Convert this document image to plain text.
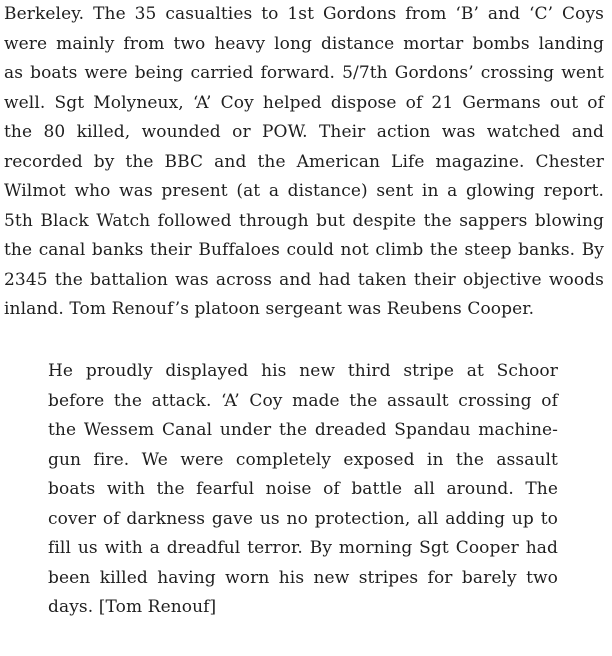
Berkeley. The 35 casualties to 1st Gordons from ‘B’ and ‘C’ Coys
were mainly from two heavy long distance mortar bombs landing
as boats were being carried forward. 5/7th Gordons’ crossing went
well. Sgt Molyneux, ‘A’ Coy helped dispose of 21 Germans out of
the 80 killed, wounded or POW. Their action was watched and
recorded by the BBC and the American Life magazine. Chester
Wilmot who was present (at a distance) sent in a glowing report.
5th Black Watch followed through but despite the sappers blowing
the canal banks their Buffaloes could not climb the steep banks. By
2345 the battalion was across and had taken their objective woods
inland. Tom Renouf’s platoon sergeant was Reubens Cooper.
He proudly displayed his new third stripe at Schoor
before the attack. ‘A’ Coy made the assault crossing of
the Wessem Canal under the dreaded Spandau machine-
gun fire. We were completely exposed in the assault
boats with the fearful noise of battle all around. The
cover of darkness gave us no protection, all adding up to
fill us with a dreadful terror. By morning Sgt Cooper had
been killed having worn his new stripes for barely two
days. [Tom Renouf]
